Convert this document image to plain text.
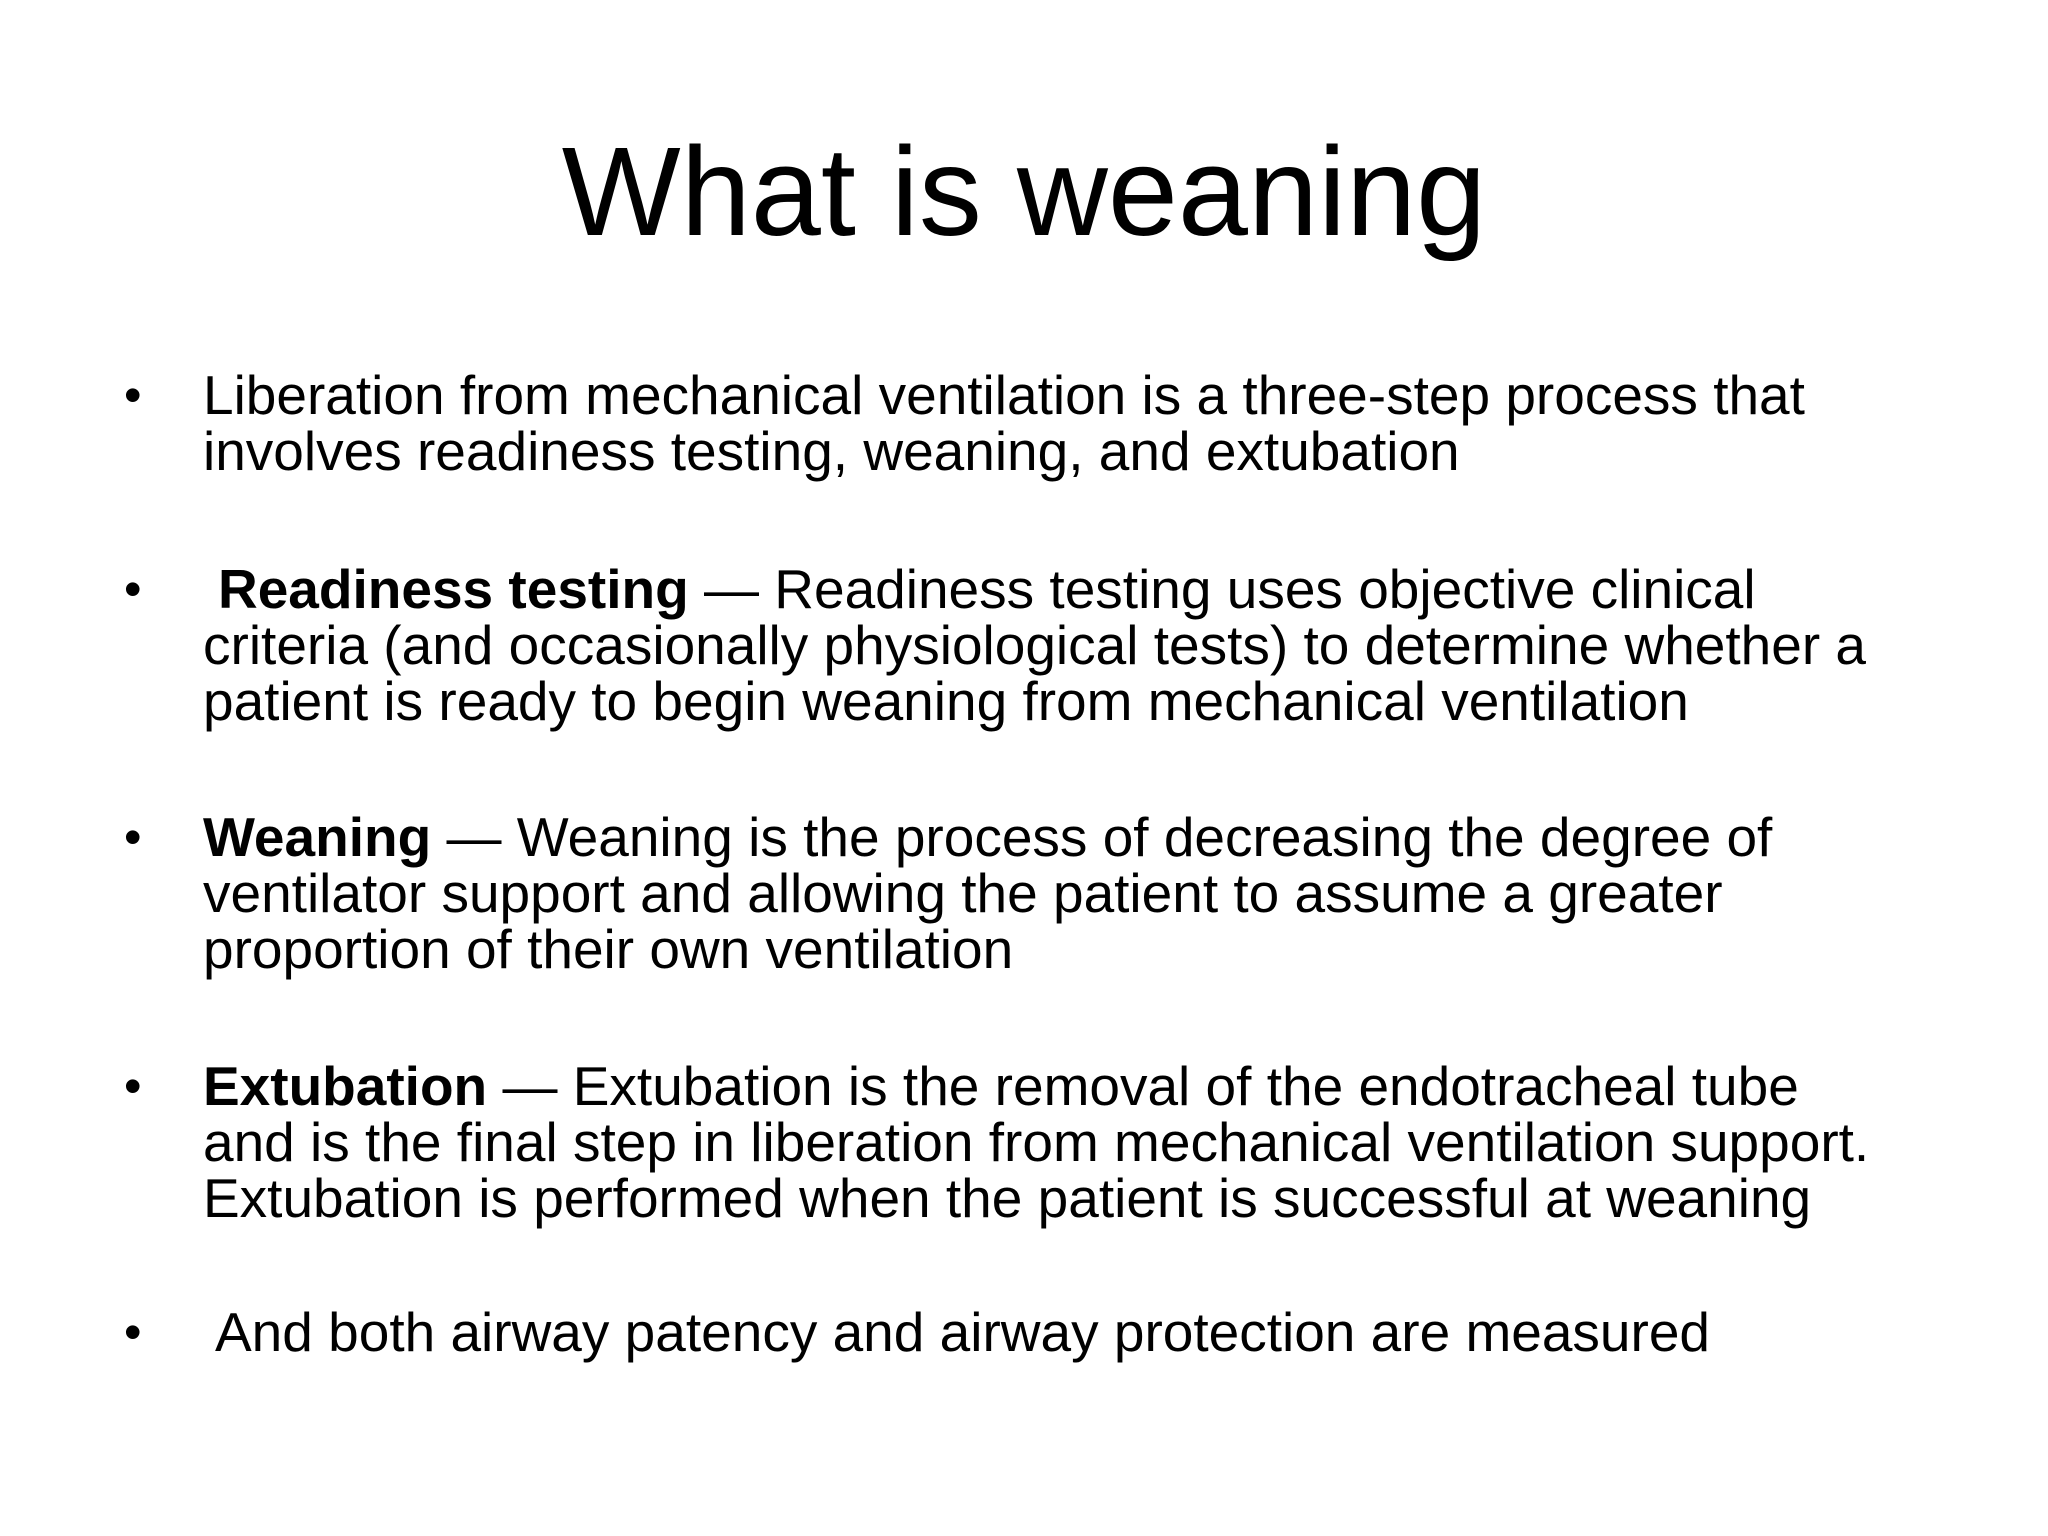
What is weaning
• Liberation from mechanical ventilation is a three-step process that
involves readiness testing, weaning, and extubation
• Readiness testing — Readiness testing uses objective clinical
criteria (and occasionally physiological tests) to determine whether a
patient is ready to begin weaning from mechanical ventilation
• Weaning — Weaning is the process of decreasing the degree of
ventilator support and allowing the patient to assume a greater
proportion of their own ventilation
• Extubation — Extubation is the removal of the endotracheal tube
and is the final step in liberation from mechanical ventilation support.
Extubation is performed when the patient is successful at weaning
• And both airway patency and airway protection are measured
